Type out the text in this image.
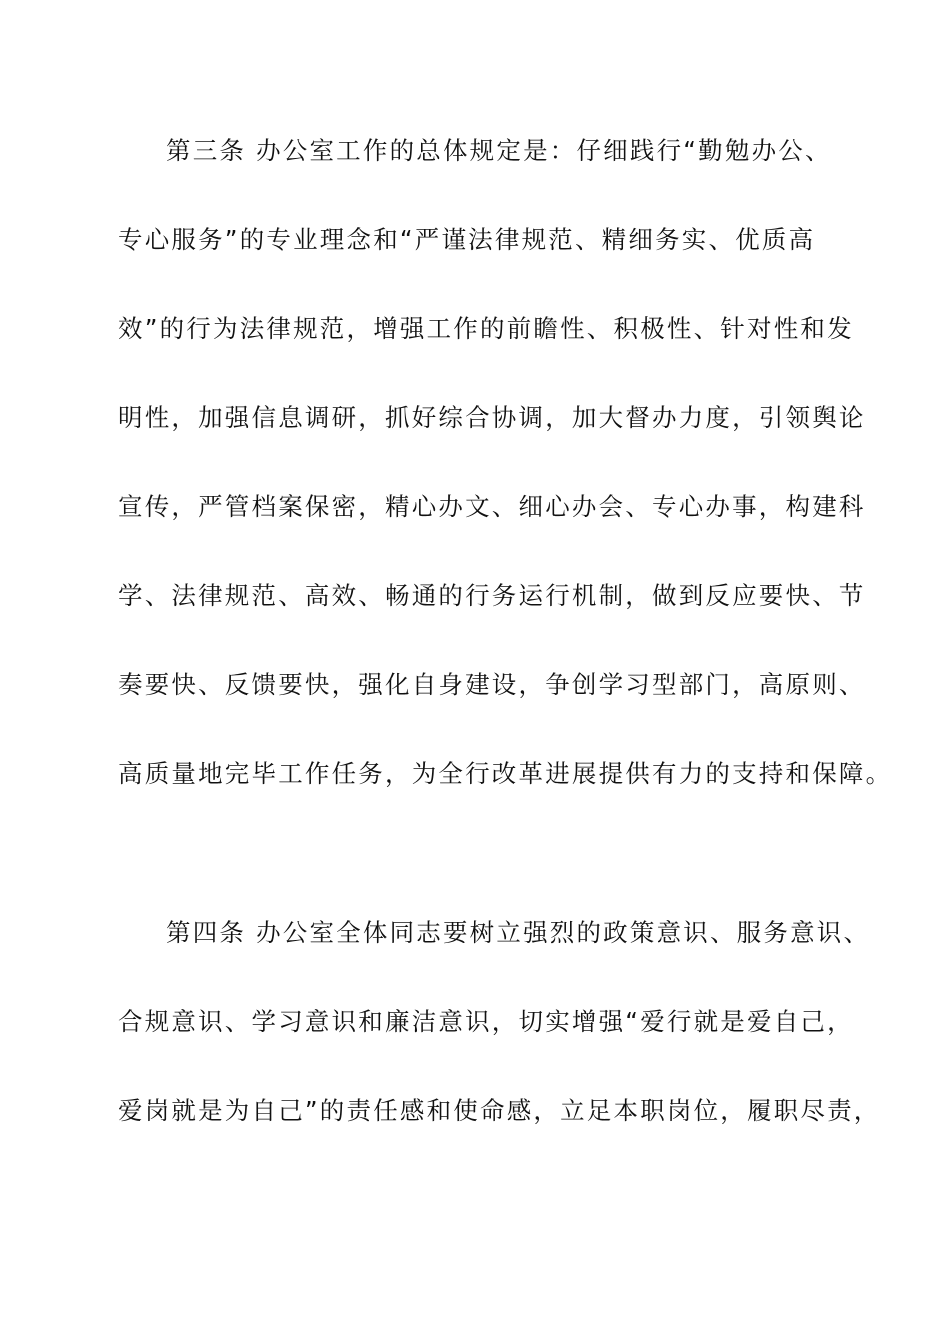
第三条 办公室工作的总体规定是：仔细践行“勤勉办公、
专心服务”的专业理念和“严谨法律规范、精细务实、优质高
效”的行为法律规范，增强工作的前瞻性、积极性、针对性和发
明性，加强信息调研，抓好综合协调，加大督办力度，引领舆论
宣传，严管档案保密，精心办文、细心办会、专心办事，构建科
学、法律规范、高效、畅通的行务运行机制，做到反应要快、节
奏要快、反馈要快，强化自身建设，争创学习型部门，高原则、
高质量地完毕工作任务，为全行改革进展提供有力的支持和保障。
第四条 办公室全体同志要树立强烈的政策意识、服务意识、
合规意识、学习意识和廉洁意识，切实增强“爱行就是爱自己，
爱岗就是为自己”的责任感和使命感，立足本职岗位，履职尽责，
